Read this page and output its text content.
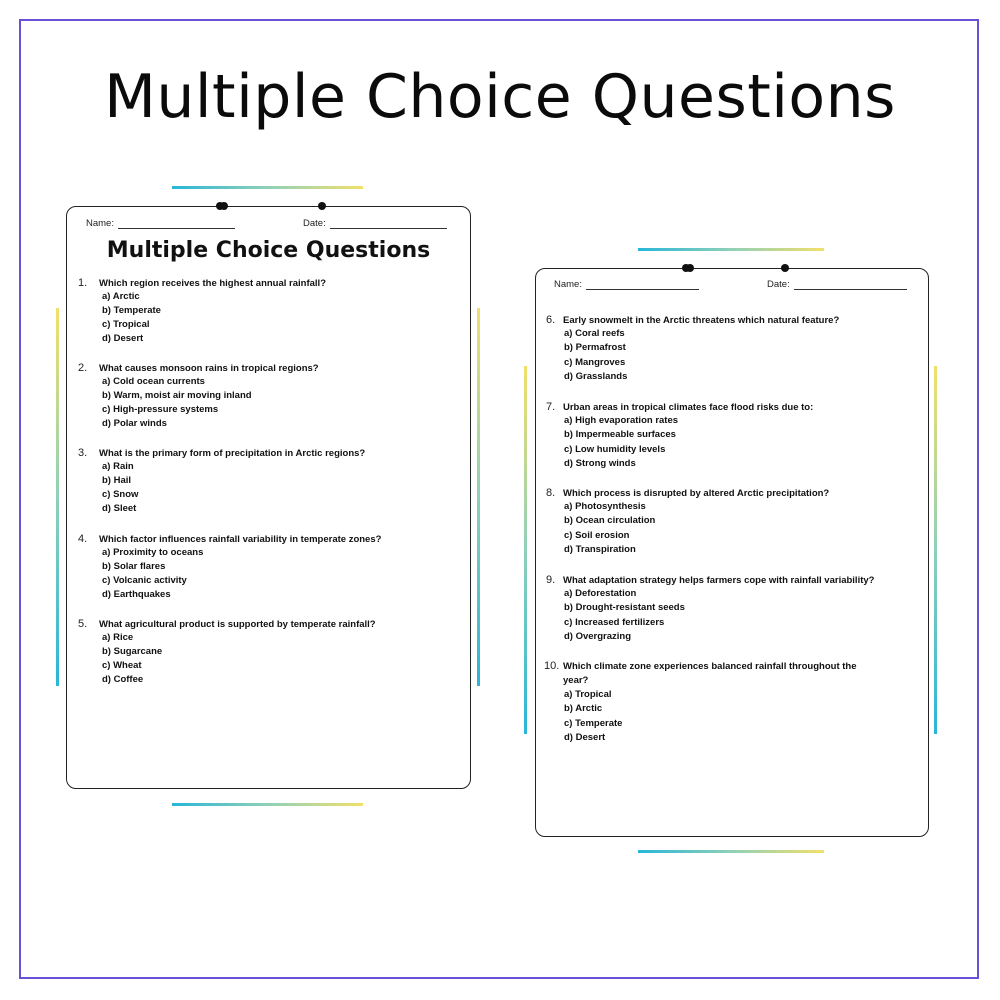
Multiple Choice Questions
Name:	Date:
Multiple Choice Questions
1. Which region receives the highest annual rainfall?
a) Arctic
b) Temperate
c) Tropical
d) Desert
2. What causes monsoon rains in tropical regions?
a) Cold ocean currents
b) Warm, moist air moving inland
c) High-pressure systems
d) Polar winds
3. What is the primary form of precipitation in Arctic regions?
a) Rain
b) Hail
c) Snow
d) Sleet
4. Which factor influences rainfall variability in temperate zones?
a) Proximity to oceans
b) Solar flares
c) Volcanic activity
d) Earthquakes
5. What agricultural product is supported by temperate rainfall?
a) Rice
b) Sugarcane
c) Wheat
d) Coffee
Name:	Date:
6. Early snowmelt in the Arctic threatens which natural feature?
a) Coral reefs
b) Permafrost
c) Mangroves
d) Grasslands
7. Urban areas in tropical climates face flood risks due to:
a) High evaporation rates
b) Impermeable surfaces
c) Low humidity levels
d) Strong winds
8. Which process is disrupted by altered Arctic precipitation?
a) Photosynthesis
b) Ocean circulation
c) Soil erosion
d) Transpiration
9. What adaptation strategy helps farmers cope with rainfall variability?
a) Deforestation
b) Drought-resistant seeds
c) Increased fertilizers
d) Overgrazing
10. Which climate zone experiences balanced rainfall throughout the
year?
a) Tropical
b) Arctic
c) Temperate
d) Desert
